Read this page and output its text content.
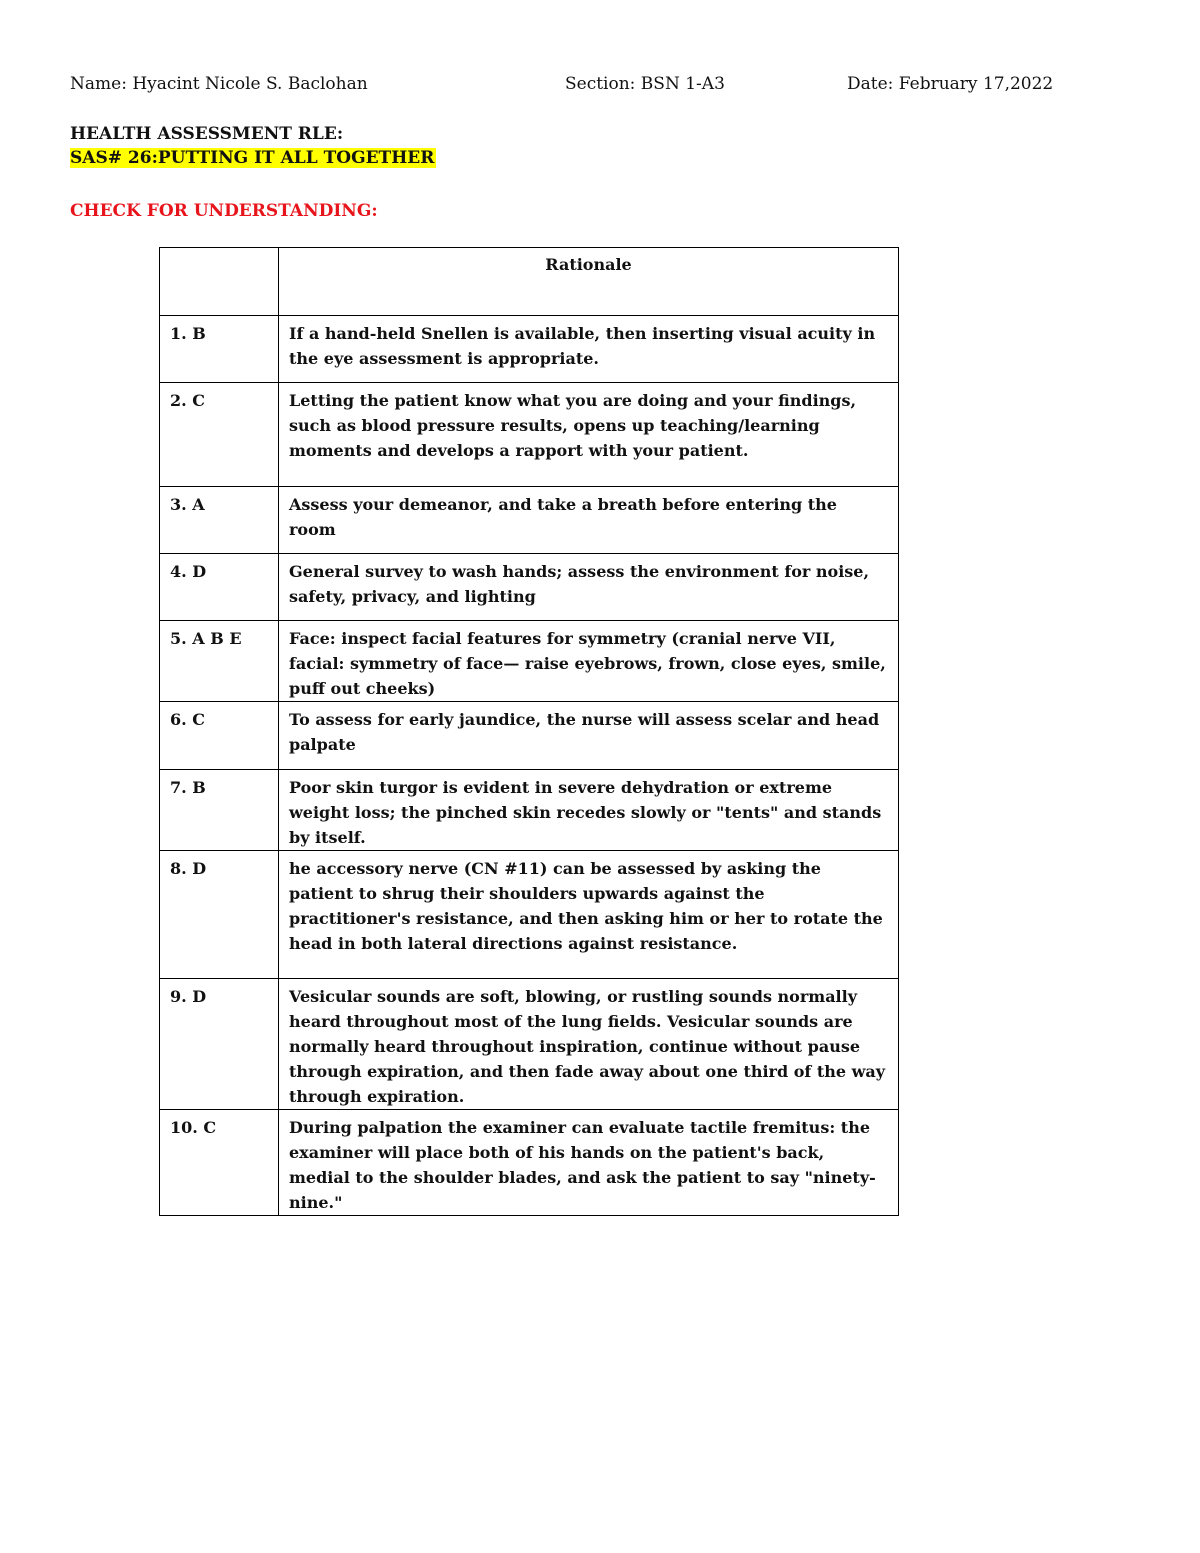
Name: Hyacint Nicole S. Baclohan	Section: BSN 1-A3	Date: February 17,2022
HEALTH ASSESSMENT RLE:
SAS# 26:PUTTING IT ALL TOGETHER
CHECK FOR UNDERSTANDING:
	Rationale
1. B	If a hand-held Snellen is available, then inserting visual acuity in the eye assessment is appropriate.
2. C	Letting the patient know what you are doing and your findings, such as blood pressure results, opens up teaching/learning moments and develops a rapport with your patient.
3. A	Assess your demeanor, and take a breath before entering the room
4. D	General survey to wash hands; assess the environment for noise, safety, privacy, and lighting
5. A B E	Face: inspect facial features for symmetry (cranial nerve VII, facial: symmetry of face— raise eyebrows, frown, close eyes, smile, puff out cheeks)
6. C	To assess for early jaundice, the nurse will assess scelar and head palpate
7. B	Poor skin turgor is evident in severe dehydration or extreme weight loss; the pinched skin recedes slowly or "tents" and stands by itself.
8. D	he accessory nerve (CN #11) can be assessed by asking the patient to shrug their shoulders upwards against the practitioner's resistance, and then asking him or her to rotate the head in both lateral directions against resistance.
9. D	Vesicular sounds are soft, blowing, or rustling sounds normally heard throughout most of the lung fields. Vesicular sounds are normally heard throughout inspiration, continue without pause through expiration, and then fade away about one third of the way through expiration.
10. C	During palpation the examiner can evaluate tactile fremitus: the examiner will place both of his hands on the patient's back, medial to the shoulder blades, and ask the patient to say "ninety-nine."
